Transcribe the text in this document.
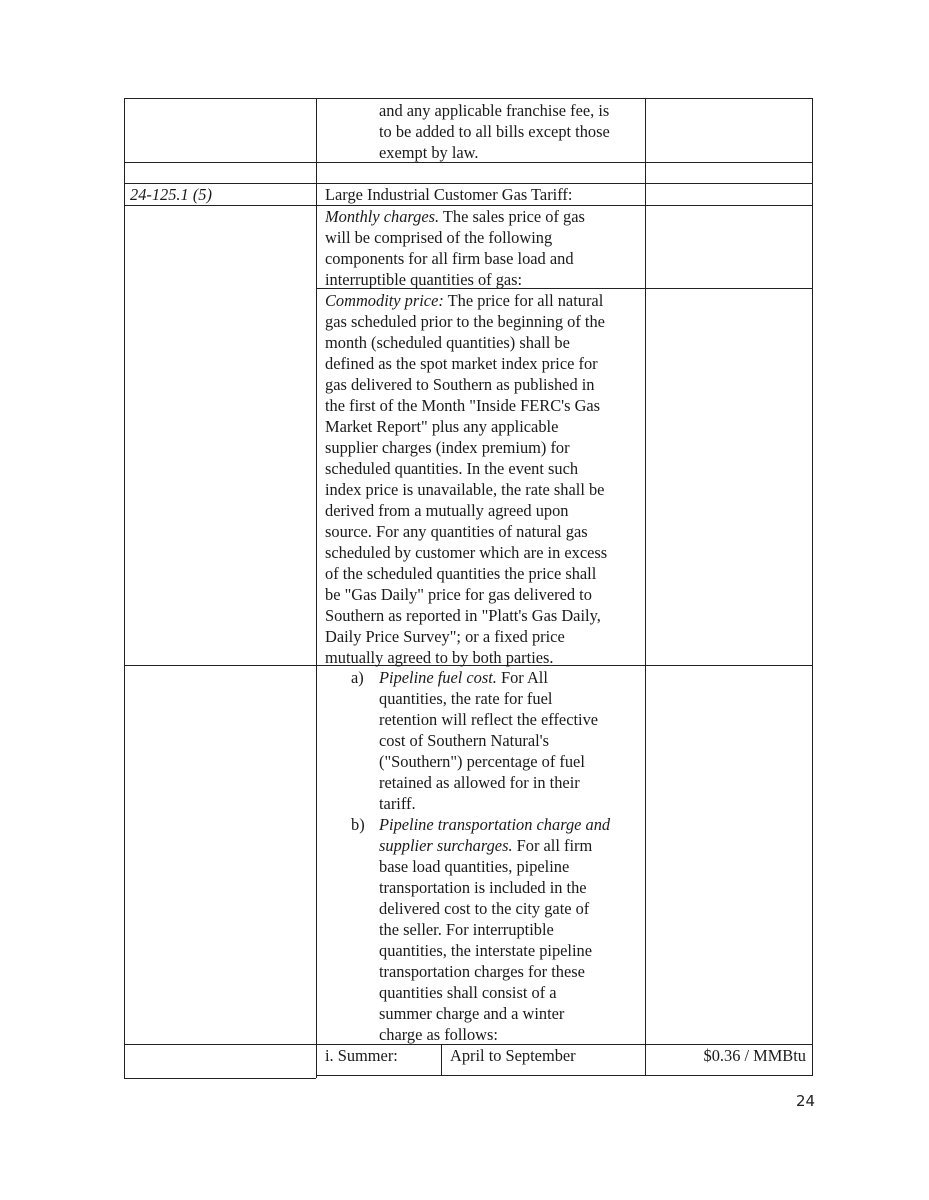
and any applicable franchise fee, is
to be added to all bills except those
exempt by law.
24-125.1 (5)	Large Industrial Customer Gas Tariff:
Monthly charges. The sales price of gas
will be comprised of the following
components for all firm base load and
interruptible quantities of gas:
Commodity price: The price for all natural
gas scheduled prior to the beginning of the
month (scheduled quantities) shall be
defined as the spot market index price for
gas delivered to Southern as published in
the first of the Month "Inside FERC's Gas
Market Report" plus any applicable
supplier charges (index premium) for
scheduled quantities. In the event such
index price is unavailable, the rate shall be
derived from a mutually agreed upon
source. For any quantities of natural gas
scheduled by customer which are in excess
of the scheduled quantities the price shall
be "Gas Daily" price for gas delivered to
Southern as reported in "Platt's Gas Daily,
Daily Price Survey"; or a fixed price
mutually agreed to by both parties.
a) Pipeline fuel cost. For All
quantities, the rate for fuel
retention will reflect the effective
cost of Southern Natural's
("Southern") percentage of fuel
retained as allowed for in their
tariff.
b) Pipeline transportation charge and
supplier surcharges. For all firm
base load quantities, pipeline
transportation is included in the
delivered cost to the city gate of
the seller. For interruptible
quantities, the interstate pipeline
transportation charges for these
quantities shall consist of a
summer charge and a winter
charge as follows:
i. Summer:	April to September	$0.36 / MMBtu
24
